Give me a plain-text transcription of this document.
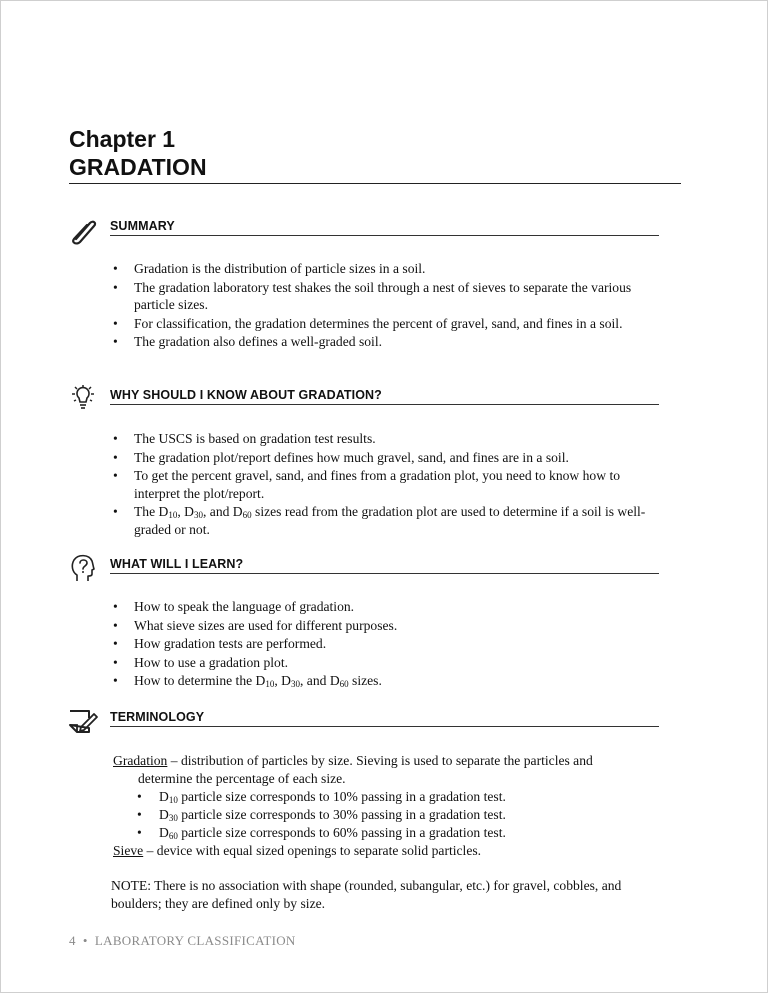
Chapter 1
GRADATION
SUMMARY
• Gradation is the distribution of particle sizes in a soil.
• The gradation laboratory test shakes the soil through a nest of sieves to separate the various particle sizes.
• For classification, the gradation determines the percent of gravel, sand, and fines in a soil.
• The gradation also defines a well-graded soil.
WHY SHOULD I KNOW ABOUT GRADATION?
• The USCS is based on gradation test results.
• The gradation plot/report defines how much gravel, sand, and fines are in a soil.
• To get the percent gravel, sand, and fines from a gradation plot, you need to know how to interpret the plot/report.
• The $D_{10}$, $D_{30}$, and $D_{60}$ sizes read from the gradation plot are used to determine if a soil is well-graded or not.
WHAT WILL I LEARN?
• How to speak the language of gradation.
• What sieve sizes are used for different purposes.
• How gradation tests are performed.
• How to use a gradation plot.
• How to determine the $D_{10}$, $D_{30}$, and $D_{60}$ sizes.
TERMINOLOGY
Gradation – distribution of particles by size. Sieving is used to separate the particles and
determine the percentage of each size.
• $D_{10}$ particle size corresponds to 10% passing in a gradation test.
• $D_{30}$ particle size corresponds to 30% passing in a gradation test.
• $D_{60}$ particle size corresponds to 60% passing in a gradation test.
Sieve – device with equal sized openings to separate solid particles.
NOTE: There is no association with shape (rounded, subangular, etc.) for gravel, cobbles, and boulders; they are defined only by size.
4 • LABORATORY CLASSIFICATION
